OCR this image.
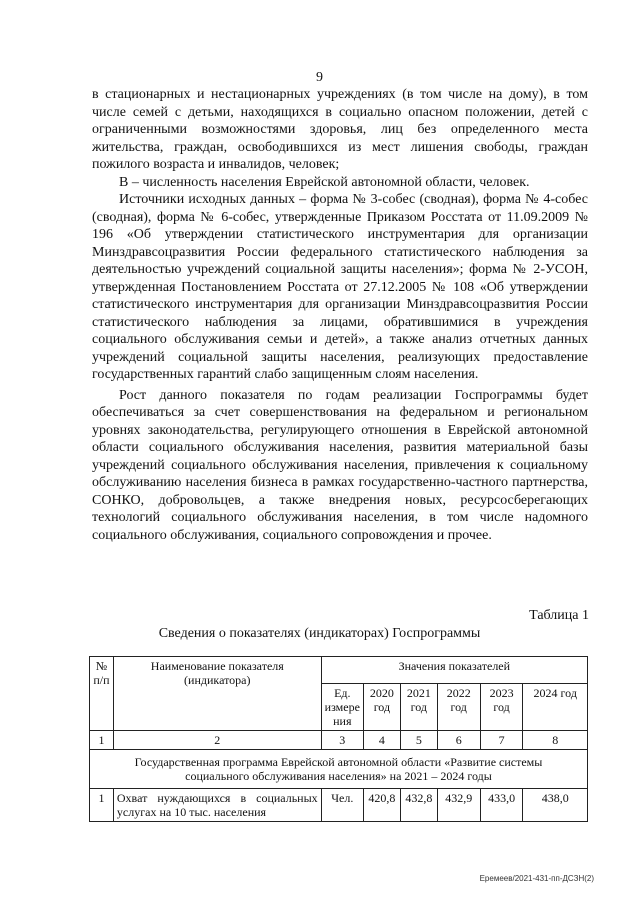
9

в стационарных и нестационарных учреждениях (в том числе на дому), в том числе семей с детьми, находящихся в социально опасном положении, детей с ограниченными возможностями здоровья, лиц без определенного места жительства, граждан, освободившихся из мест лишения свободы, граждан пожилого возраста и инвалидов, человек;

В – численность населения Еврейской автономной области, человек.

Источники исходных данных – форма № 3-собес (сводная), форма № 4-собес (сводная), форма № 6-собес, утвержденные Приказом Росстата от 11.09.2009 № 196 «Об утверждении статистического инструментария для организации Минздравсоцразвития России федерального статистического наблюдения за деятельностью учреждений социальной защиты населения»; форма № 2-УСОН, утвержденная Постановлением Росстата от 27.12.2005 № 108 «Об утверждении статистического инструментария для организации Минздравсоцразвития России статистического наблюдения за лицами, обратившимися в учреждения социального обслуживания семьи и детей», а также анализ отчетных данных учреждений социальной защиты населения, реализующих предоставление государственных гарантий слабо защищенным слоям населения.

Рост данного показателя по годам реализации Госпрограммы будет обеспечиваться за счет совершенствования на федеральном и региональном уровнях законодательства, регулирующего отношения в Еврейской автономной области социального обслуживания населения, развития материальной базы учреждений социального обслуживания населения, привлечения к социальному обслуживанию населения бизнеса в рамках государственно-частного партнерства, СОНКО, добровольцев, а также внедрения новых, ресурсосберегающих технологий социального обслуживания населения, в том числе надомного социального обслуживания, социального сопровождения и прочее.

Таблица 1
Сведения о показателях (индикаторах) Госпрограммы
№ п/п	Наименование показателя (индикатора)	Значения показателей					
		Ед. измере ния	2020 год	2021 год	2022 год	2023 год	2024 год
1	2	3	4	5	6	7	8
Государственная программа Еврейской автономной области «Развитие системы социального обслуживания населения» на 2021 – 2024 годы							
1	Охват нуждающихся в социальных услугах на 10 тыс. населения	Чел.	420,8	432,8	432,9	433,0	438,0
Еремеев/2021-431-пп-ДСЗН(2)
